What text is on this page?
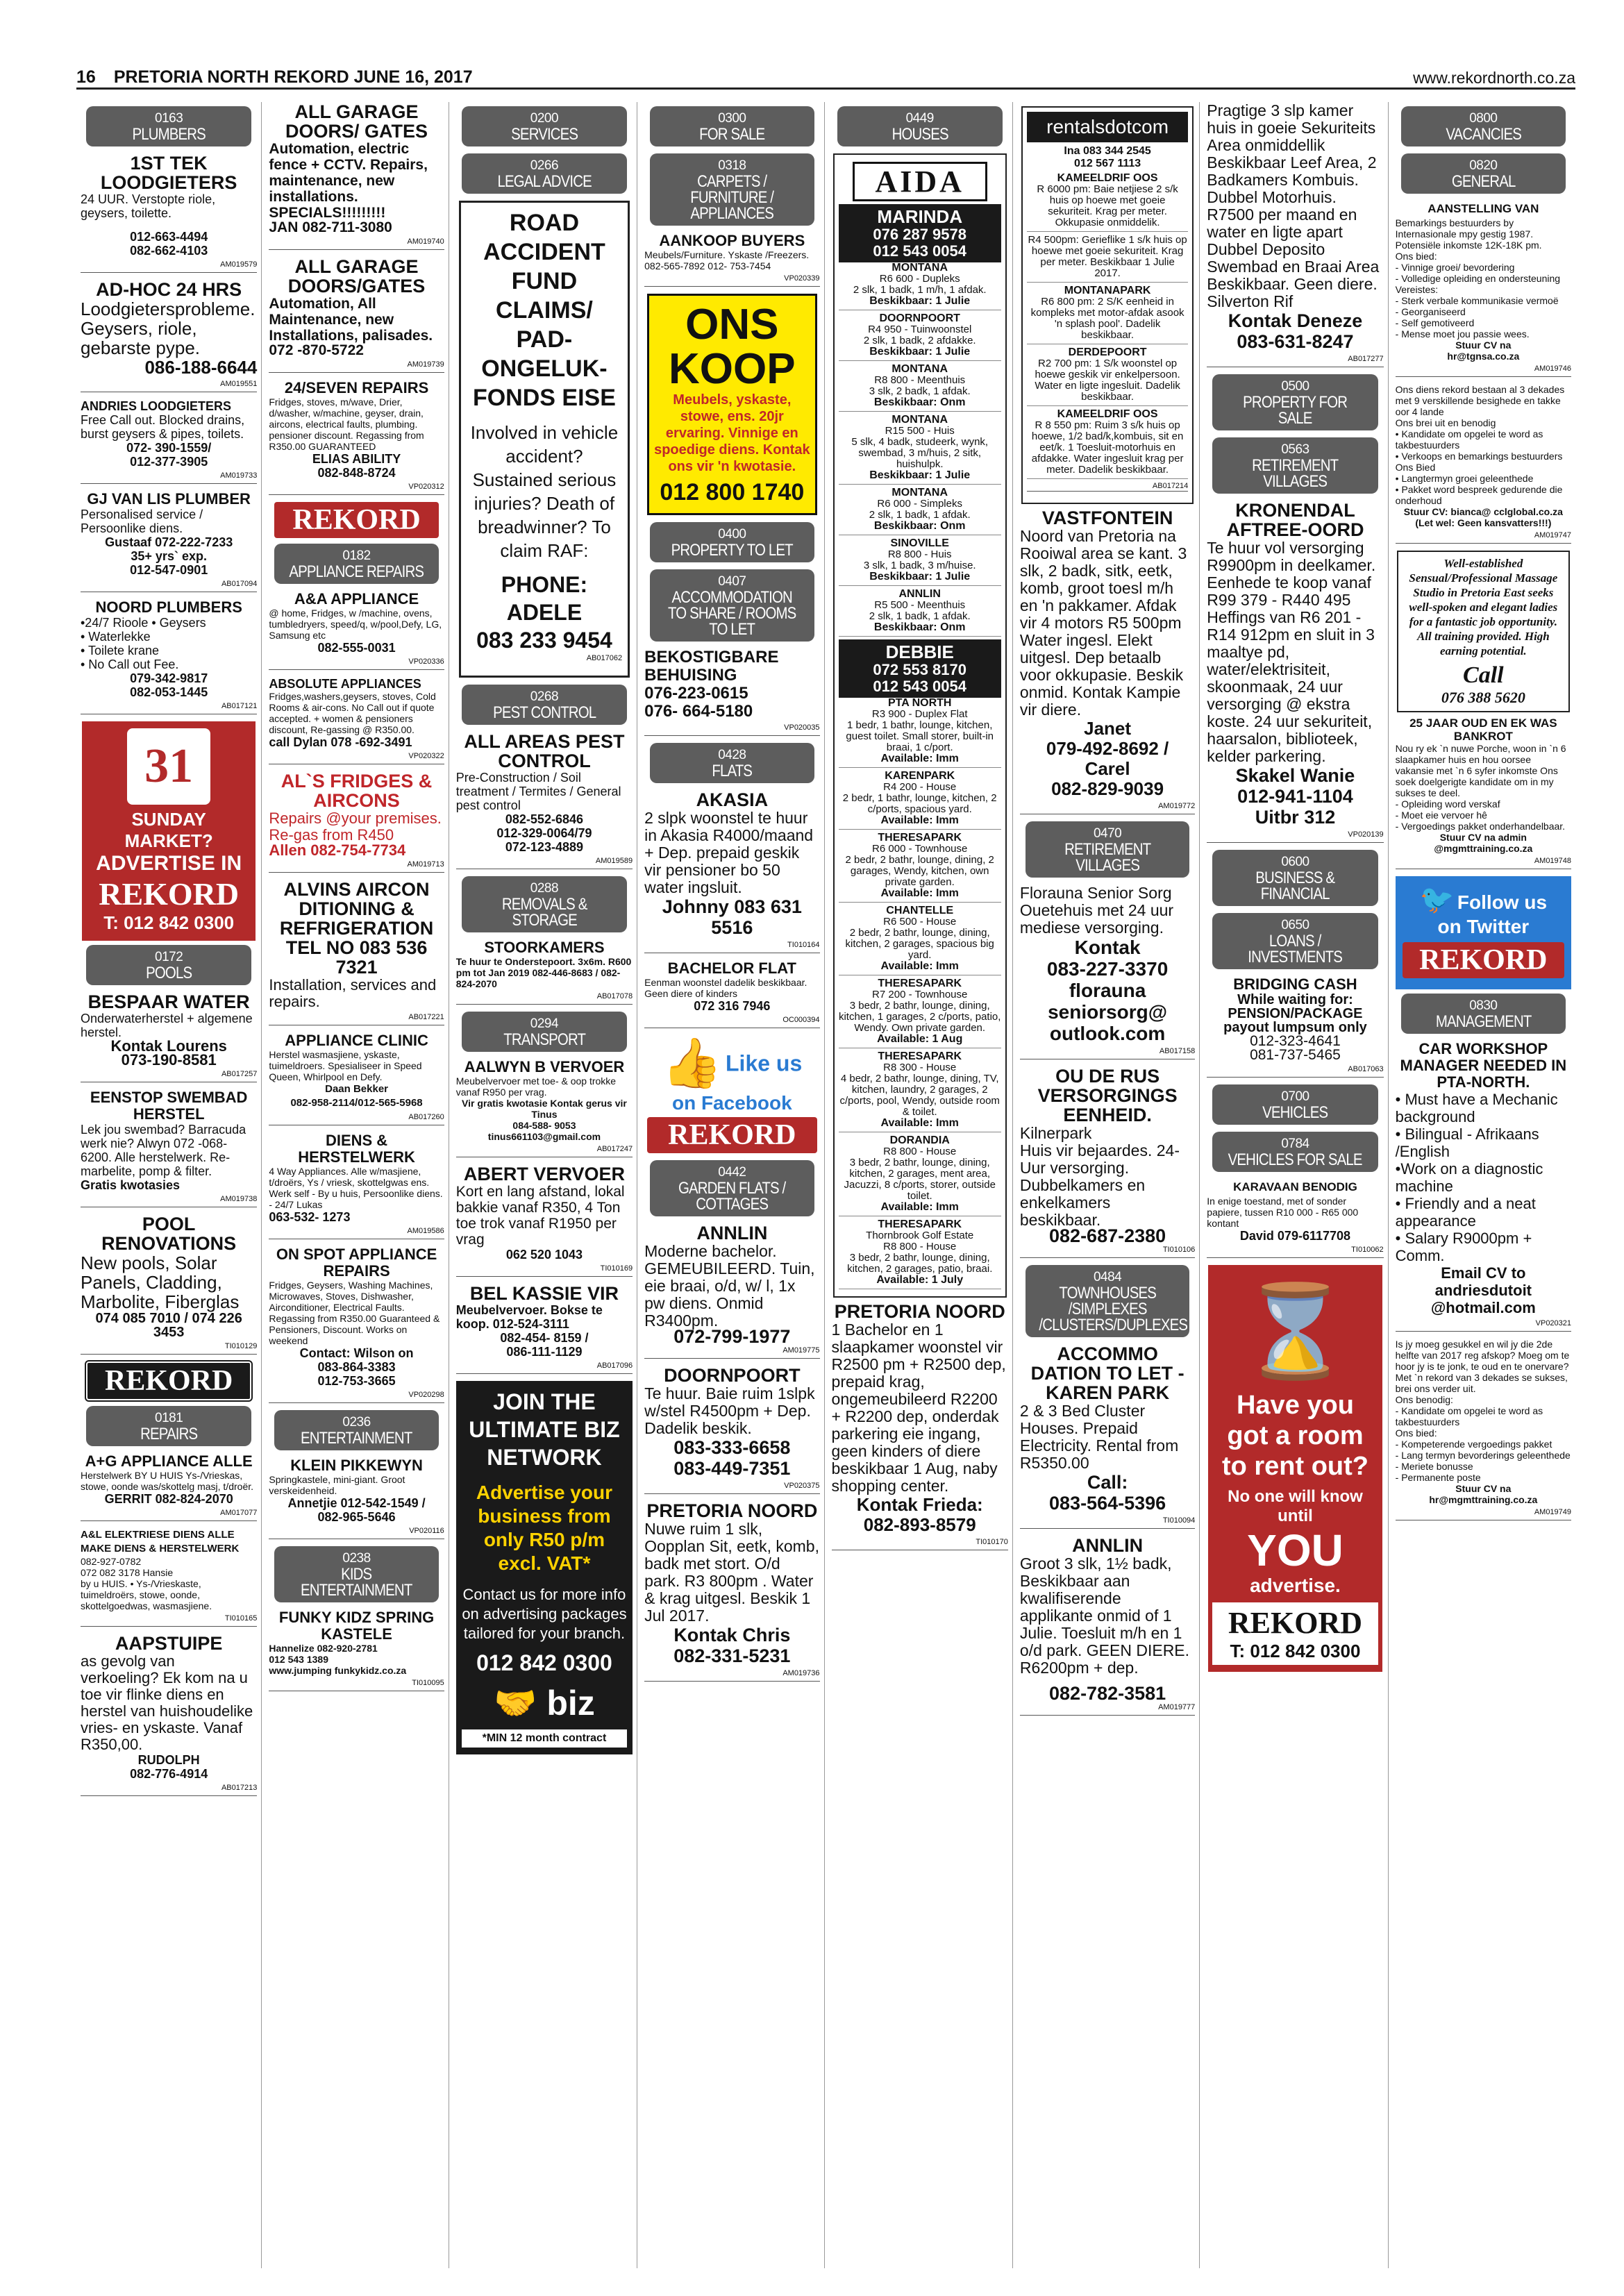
16 PRETORIA NORTH REKORD JUNE 16, 2017	www.rekordnorth.co.za
0163
PLUMBERS
1ST TEK LOODGIETERS
24 UUR. Verstopte riole, geysers, toilette.
012-663-4494
082-662-4103
AM019579
AD-HOC 24 HRS
Loodgietersprobleme. Geysers, riole, gebarste pype.
086-188-6644
AM019551
ANDRIES LOODGIETERS
Free Call out. Blocked drains, burst geysers & pipes, toilets.
072- 390-1559/
012-377-3905
AM019733
GJ VAN LIS PLUMBER
Personalised service / Persoonlike diens.
Gustaaf 072-222-7233
35+ yrs` exp.
012-547-0901
AB017094
NOORD PLUMBERS
•24/7 Rioole • Geysers
• Waterlekke
• Toilete krane
• No Call out Fee.
079-342-9817
082-053-1445
AB017121
31
SUNDAY MARKET?
ADVERTISE IN
REKORD
T: 012 842 0300
0172
POOLS
BESPAAR WATER
Onderwaterherstel + algemene herstel.
Kontak Lourens
073-190-8581
AB017257
EENSTOP SWEMBAD HERSTEL
Lek jou swembad? Barracuda werk nie? Alwyn 072 -068-6200. Alle herstelwerk. Re-marbelite, pomp & filter.
Gratis kwotasies
AM019738
POOL RENOVATIONS
New pools, Solar Panels, Cladding, Marbolite, Fiberglas
074 085 7010 / 074 226 3453
TI010129
REKORD
0181
REPAIRS
A+G APPLIANCE ALLE
Herstelwerk BY U HUIS Ys-/Vrieskas, stowe, oonde was/skottelg masj, t/droër.
GERRIT 082-824-2070
AM017077
A&L ELEKTRIESE DIENS ALLE MAKE DIENS & HERSTELWERK
082-927-0782
072 082 3178 Hansie
by u HUIS. • Ys-/Vrieskaste, tuimeldroërs, stowe, oonde, skottelgoedwas, wasmasjiene.
TI010165
AAPSTUIPE
as gevolg van verkoeling? Ek kom na u toe vir flinke diens en herstel van huishoudelike vries- en yskaste. Vanaf R350,00.
RUDOLPH
082-776-4914
AB017213
ALL GARAGE DOORS/ GATES
Automation, electric fence + CCTV. Repairs, maintenance, new installations. SPECIALS!!!!!!!!!
JAN 082-711-3080
AM019740
ALL GARAGE DOORS/GATES
Automation, All Maintenance, new Installations, palisades.
072 -870-5722
AM019739
24/SEVEN REPAIRS
Fridges, stoves, m/wave, Drier, d/washer, w/machine, geyser, drain, aircons, electrical faults, plumbing. pensioner discount. Regassing from R350.00 GUARANTEED
ELIAS ABILITY
082-848-8724
VP020312
REKORD
0182
APPLIANCE REPAIRS
A&A APPLIANCE
@ home, Fridges, w /machine, ovens, tumbledryers, speed/q, w/pool,Defy, LG, Samsung etc
082-555-0031
VP020336
ABSOLUTE APPLIANCES
Fridges,washers,geysers, stoves, Cold Rooms & air-cons. No Call out if quote accepted. + women & pensioners discount, Re-gassing @ R350.00.
call Dylan 078 -692-3491
VP020322
AL`S FRIDGES & AIRCONS
Repairs @your premises. Re-gas from R450
Allen 082-754-7734
AM019713
ALVINS AIRCON DITIONING & REFRIGERATION
TEL NO 083 536 7321
Installation, services and repairs.
AB017221
APPLIANCE CLINIC
Herstel wasmasjiene, yskaste, tuimeldroers. Spesialiseer in Speed Queen, Whirlpool en Defy.
Daan Bekker
082-958-2114/012-565-5968
AB017260
DIENS & HERSTELWERK
4 Way Appliances. Alle w/masjiene, t/droërs, Ys / vriesk, skottelgwas ens. Werk self - By u huis, Persoonlike diens. - 24/7 Lukas
063-532- 1273
AM019586
ON SPOT APPLIANCE REPAIRS
Fridges, Geysers, Washing Machines, Microwaves, Stoves, Dishwasher, Airconditioner, Electrical Faults. Regassing from R350.00 Guaranteed & Pensioners, Discount. Works on weekend
Contact: Wilson on
083-864-3383
012-753-3665
VP020298
0236
ENTERTAINMENT
KLEIN PIKKEWYN
Springkastele, mini-giant. Groot verskeidenheid.
Annetjie 012-542-1549 /
082-965-5646
VP020116
0238
KIDS ENTERTAINMENT
FUNKY KIDZ SPRING KASTELE
Hannelize 082-920-2781
012 543 1389
www.jumping funkykidz.co.za
TI010095
0200
SERVICES
0266
LEGAL ADVICE
ROAD ACCIDENT FUND CLAIMS/ PAD-ONGELUK-FONDS EISE
Involved in vehicle accident? Sustained serious injuries? Death of breadwinner? To claim RAF:
PHONE: ADELE
083 233 9454
AB017062
0268
PEST CONTROL
ALL AREAS PEST CONTROL
Pre-Construction / Soil treatment / Termites / General pest control
082-552-6846
012-329-0064/79
072-123-4889
AM019589
0288
REMOVALS & STORAGE
STOORKAMERS
Te huur te Onderstepoort. 3x6m. R600 pm tot Jan 2019 082-446-8683 / 082-824-2070
AB017078
0294
TRANSPORT
AALWYN B VERVOER
Meubelvervoer met toe- & oop trokke vanaf R950 per vrag.
Vir gratis kwotasie Kontak gerus vir Tinus
084-588- 9053
tinus661103@gmail.com
AB017247
ABERT VERVOER
Kort en lang afstand, lokal bakkie vanaf R350, 4 Ton toe trok vanaf R1950 per vrag
062 520 1043
TI010169
BEL KASSIE VIR
Meubelvervoer. Bokse te koop. 012-524-3111
082-454- 8159 /
086-111-1129
AB017096
JOIN THE ULTIMATE BIZ NETWORK
Advertise your business from only R50 p/m excl. VAT*
Contact us for more info on advertising packages tailored for your branch.
012 842 0300
🤝 biz
*MIN 12 month contract
0300
FOR SALE
0318
CARPETS / FURNITURE / APPLIANCES
AANKOOP BUYERS
Meubels/Furniture. Yskaste /Freezers. 082-565-7892 012- 753-7454
VP020339
ONS KOOP
Meubels, yskaste, stowe, ens. 20jr ervaring. Vinnige en spoedige diens. Kontak ons vir 'n kwotasie.
012 800 1740
0400
PROPERTY TO LET
0407
ACCOMMODATION TO SHARE / ROOMS TO LET
BEKOSTIGBARE BEHUISING
076-223-0615
076- 664-5180
VP020035
0428
FLATS
AKASIA
2 slpk woonstel te huur in Akasia R4000/maand + Dep. prepaid geskik vir pensioner bo 50 water ingsluit.
Johnny 083 631 5516
TI010164
BACHELOR FLAT
Eenman woonstel dadelik beskikbaar. Geen diere of kinders
072 316 7946
OC000394
👍 Like us
on Facebook
REKORD
0442
GARDEN FLATS / COTTAGES
ANNLIN
Moderne bachelor. GEMEUBILEERD. Tuin, eie braai, o/d, w/ l, 1x pw diens. Onmid R3400pm.
072-799-1977
AM019775
DOORNPOORT
Te huur. Baie ruim 1slpk w/stel R4500pm + Dep. Dadelik beskik.
083-333-6658
083-449-7351
VP020375
PRETORIA NOORD
Nuwe ruim 1 slk, Oopplan Sit, eetk, komb, badk met stort. O/d park. R3 800pm . Water & krag uitgesl. Beskik 1 Jul 2017.
Kontak Chris
082-331-5231
AM019736
0449
HOUSES
AIDA
MARINDA
076 287 9578
012 543 0054
MONTANA
R6 600 - Dupleks
2 slk, 1 badk, 1 m/h, 1 afdak.
Beskikbaar: 1 Julie
DOORNPOORT
R4 950 - Tuinwoonstel
2 slk, 1 badk, 2 afdakke.
Beskikbaar: 1 Julie
MONTANA
R8 800 - Meenthuis
3 slk, 2 badk, 1 afdak.
Beskikbaar: Onm
MONTANA
R15 500 - Huis
5 slk, 4 badk, studeerk, wynk, swembad, 3 m/huis, 2 sitk, huishulpk.
Beskikbaar: 1 Julie
MONTANA
R6 000 - Simpleks
2 slk, 1 badk, 1 afdak.
Beskikbaar: Onm
SINOVILLE
R8 800 - Huis
3 slk, 1 badk, 3 m/huise.
Beskikbaar: 1 Julie
ANNLIN
R5 500 - Meenthuis
2 slk, 1 badk, 1 afdak.
Beskikbaar: Onm
DEBBIE
072 553 8170
012 543 0054
PTA NORTH
R3 900 - Duplex Flat
1 bedr, 1 bathr, lounge, kitchen, guest toilet. Small storer, built-in braai, 1 c/port.
Available: Imm
KARENPARK
R4 200 - House
2 bedr, 1 bathr, lounge, kitchen, 2 c/ports, spacious yard.
Available: Imm
THERESAPARK
R6 000 - Townhouse
2 bedr, 2 bathr, lounge, dining, 2 garages, Wendy, kitchen, own private garden.
Available: Imm
CHANTELLE
R6 500 - House
2 bedr, 2 bathr, lounge, dining, kitchen, 2 garages, spacious big yard.
Available: Imm
THERESAPARK
R7 200 - Townhouse
3 bedr, 2 bathr, lounge, dining, kitchen, 1 garages, 2 c/ports, patio, Wendy. Own private garden.
Available: 1 Aug
THERESAPARK
R8 300 - House
4 bedr, 2 bathr, lounge, dining, TV, kitchen, laundry, 2 garages, 2 c/ports, pool, Wendy, outside room & toilet.
Available: Imm
DORANDIA
R8 800 - House
3 bedr, 2 bathr, lounge, dining, kitchen, 2 garages, ment area, Jacuzzi, 8 c/ports, storer, outside toilet.
Available: Imm
THERESAPARK
Thornbrook Golf Estate
R8 800 - House
3 bedr, 2 bathr, lounge, dining, kitchen, 2 garages, patio, braai.
Available: 1 July
PRETORIA NOORD
1 Bachelor en 1 slaapkamer woonstel vir R2500 pm + R2500 dep, prepaid krag, ongemeubileerd R2200 + R2200 dep, onderdak parkering eie ingang, geen kinders of diere beskikbaar 1 Aug, naby shopping center.
Kontak Frieda:
082-893-8579
TI010170
rentalsdotcom
Ina 083 344 2545
012 567 1113
KAMEELDRIF OOS
R 6000 pm: Baie netjiese 2 s/k huis op hoewe met goeie sekuriteit. Krag per meter. Okkupasie onmiddelik.
R4 500pm: Gerieflike 1 s/k huis op hoewe met goeie sekuriteit. Krag per meter. Beskikbaar 1 Julie 2017.
MONTANAPARK
R6 800 pm: 2 S/K eenheid in kompleks met motor-afdak asook 'n splash pool'. Dadelik beskikbaar.
DERDEPOORT
R2 700 pm: 1 S/k woonstel op hoewe geskik vir enkelpersoon. Water en ligte ingesluit. Dadelik beskikbaar.
KAMEELDRIF OOS
R 8 550 pm: Ruim 3 s/k huis op hoewe, 1/2 bad/k,kombuis, sit en eet/k. 1 Toesluit-motorhuis en afdakke. Water ingesluit krag per meter. Dadelik beskikbaar.
AB017214
VASTFONTEIN
Noord van Pretoria na Rooiwal area se kant. 3 slk, 2 badk, sitk, eetk, komb, groot toesl m/h en 'n pakkamer. Afdak vir 4 motors R5 500pm Water ingesl. Elekt uitgesl. Dep betaalb voor okkupasie. Beskik onmid. Kontak Kampie vir diere.
Janet
079-492-8692 /
Carel
082-829-9039
AM019772
0470
RETIREMENT VILLAGES
Florauna Senior Sorg Ouetehuis met 24 uur mediese versorging.
Kontak
083-227-3370
florauna
seniorsorg@
outlook.com
AB017158
OU DE RUS VERSORGINGS EENHEID.
Kilnerpark
Huis vir bejaardes. 24-Uur versorging. Dubbelkamers en enkelkamers beskikbaar.
082-687-2380
TI010106
0484
TOWNHOUSES /SIMPLEXES /CLUSTERS/DUPLEXES
ACCOMMO DATION TO LET - KAREN PARK
2 & 3 Bed Cluster Houses. Prepaid Electricity. Rental from R5350.00
Call:
083-564-5396
TI010094
ANNLIN
Groot 3 slk, 1½ badk, Beskikbaar aan kwalifiserende applikante onmid of 1 Julie. Toesluit m/h en 1 o/d park. GEEN DIERE. R6200pm + dep.
082-782-3581
AM019777
Pragtige 3 slp kamer huis in goeie Sekuriteits Area onmiddellik Beskikbaar Leef Area, 2 Badkamers Kombuis. Dubbel Motorhuis. R7500 per maand en water en ligte apart Dubbel Deposito Swembad en Braai Area Beskikbaar. Geen diere. Silverton Rif
Kontak Deneze
083-631-8247
AB017277
0500
PROPERTY FOR SALE
0563
RETIREMENT VILLAGES
KRONENDAL AFTREE-OORD
Te huur vol versorging R9900pm in deelkamer. Eenhede te koop vanaf R99 379 - R440 495 Heffings van R6 201 - R14 912pm en sluit in 3 maaltye pd, water/elektrisiteit, skoonmaak, 24 uur versorging @ ekstra koste. 24 uur sekuriteit, haarsalon, biblioteek, kelder parkering.
Skakel Wanie
012-941-1104
Uitbr 312
VP020139
0600
BUSINESS & FINANCIAL
0650
LOANS / INVESTMENTS
BRIDGING CASH
While waiting for: PENSION/PACKAGE payout lumpsum only
012-323-4641
081-737-5465
AB017063
0700
VEHICLES
0784
VEHICLES FOR SALE
KARAVAAN BENODIG
In enige toestand, met of sonder papiere, tussen R10 000 - R65 000 kontant
David 079-6117708
TI010062
⌛
Have you got a room to rent out?
No one will know until
YOU
advertise.
REKORD
T: 012 842 0300
0800
VACANCIES
0820
GENERAL
AANSTELLING VAN
Bemarkings bestuurders by Internasionale mpy gestig 1987.
Potensiële inkomste 12K-18K pm.
Ons bied:
- Vinnige groei/ bevordering
- Volledige opleiding en ondersteuning
Vereistes:
- Sterk verbale kommunikasie vermoë
- Georganiseerd
- Self gemotiveerd
- Mense moet jou passie wees.
Stuur CV na
hr@tgnsa.co.za
AM019746
Ons diens rekord bestaan al 3 dekades met 9 verskillende besighede en takke oor 4 lande
Ons brei uit en benodig
• Kandidate om opgelei te word as takbestuurders
• Verkoops en bemarkings bestuurders
Ons Bied
• Langtermyn groei geleenthede
• Pakket word bespreek gedurende die onderhoud
Stuur CV: bianca@ cclglobal.co.za
(Let wel: Geen kansvatters!!!)
AM019747
Well-established Sensual/Professional Massage Studio in Pretoria East seeks well-spoken and elegant ladies for a fantastic job opportunity. All training provided. High earning potential.
Call
076 388 5620
25 JAAR OUD EN EK WAS BANKROT
Nou ry ek `n nuwe Porche, woon in `n 6 slaapkamer huis en hou oorsee vakansie met `n 6 syfer inkomste Ons soek doelgerigte kandidate om in my sukses te deel.
- Opleiding word verskaf
- Moet eie vervoer hê
- Vergoedings pakket onderhandelbaar.
Stuur CV na admin
@mgmttraining.co.za
AM019748
🐦 Follow us
on Twitter
REKORD
0830
MANAGEMENT
CAR WORKSHOP MANAGER NEEDED IN PTA-NORTH.
• Must have a Mechanic background
• Bilingual - Afrikaans /English
•Work on a diagnostic machine
• Friendly and a neat appearance
• Salary R9000pm + Comm.
Email CV to
andriesdutoit
@hotmail.com
VP020321
Is jy moeg gesukkel en wil jy die 2de helfte van 2017 reg afskop? Moeg om te hoor jy is te jonk, te oud en te onervare? Met `n rekord van 3 dekades se sukses, brei ons verder uit.
Ons benodig:
- Kandidate om opgelei te word as takbestuurders
Ons bied:
- Kompeterende vergoedings pakket
- Lang termyn bevorderings geleenthede
- Meriete bonusse
- Permanente poste
Stuur CV na
hr@mgmttraining.co.za
AM019749
